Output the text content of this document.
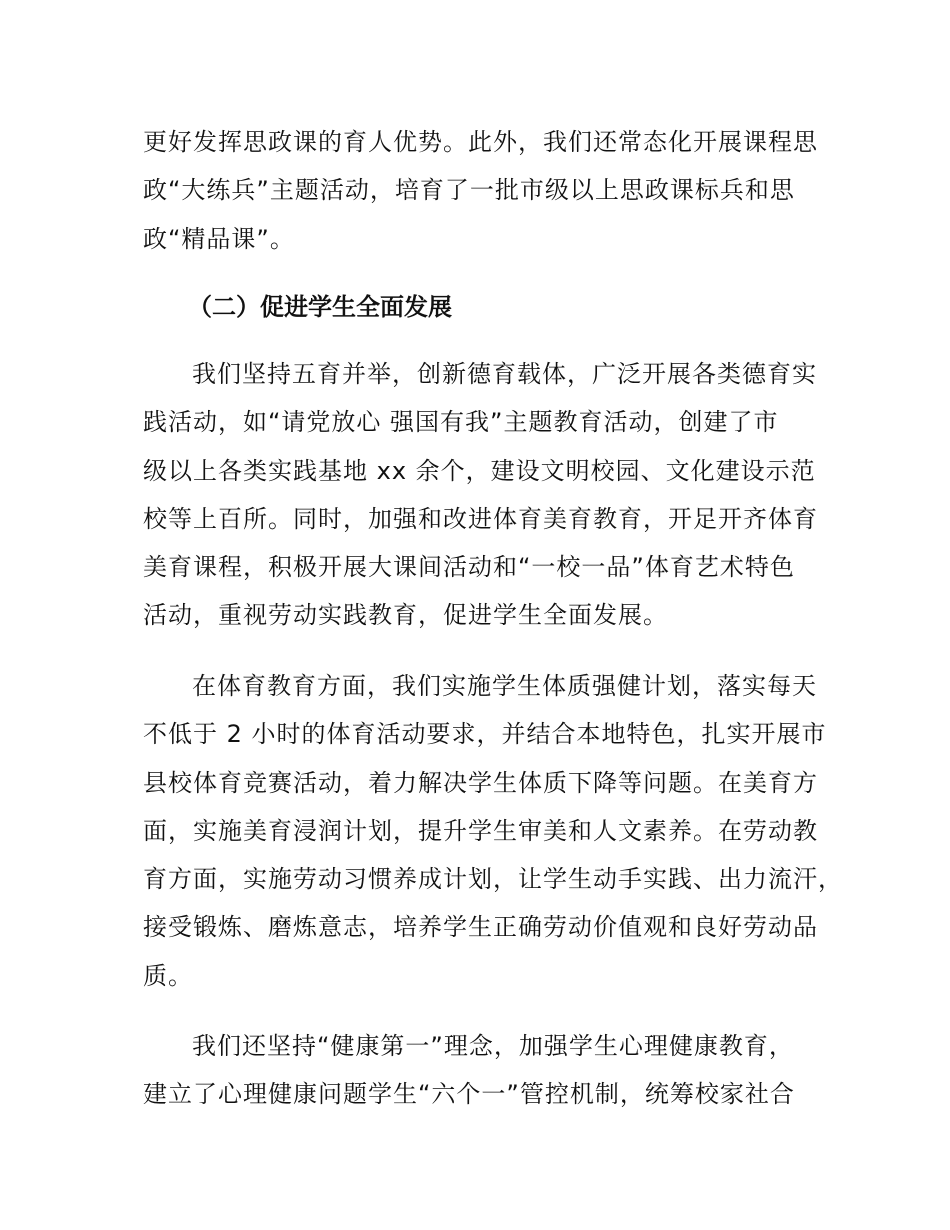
更好发挥思政课的育人优势。此外，我们还常态化开展课程思
政“大练兵”主题活动，培育了一批市级以上思政课标兵和思
政“精品课”。

（二）促进学生全面发展

我们坚持五育并举，创新德育载体，广泛开展各类德育实
践活动，如“请党放心 强国有我”主题教育活动，创建了市
级以上各类实践基地 xx 余个，建设文明校园、文化建设示范
校等上百所。同时，加强和改进体育美育教育，开足开齐体育
美育课程，积极开展大课间活动和“一校一品”体育艺术特色
活动，重视劳动实践教育，促进学生全面发展。

在体育教育方面，我们实施学生体质强健计划，落实每天
不低于 2 小时的体育活动要求，并结合本地特色，扎实开展市
县校体育竞赛活动，着力解决学生体质下降等问题。在美育方
面，实施美育浸润计划，提升学生审美和人文素养。在劳动教
育方面，实施劳动习惯养成计划，让学生动手实践、出力流汗，
接受锻炼、磨炼意志，培养学生正确劳动价值观和良好劳动品
质。

我们还坚持“健康第一”理念，加强学生心理健康教育，
建立了心理健康问题学生“六个一”管控机制，统筹校家社合
